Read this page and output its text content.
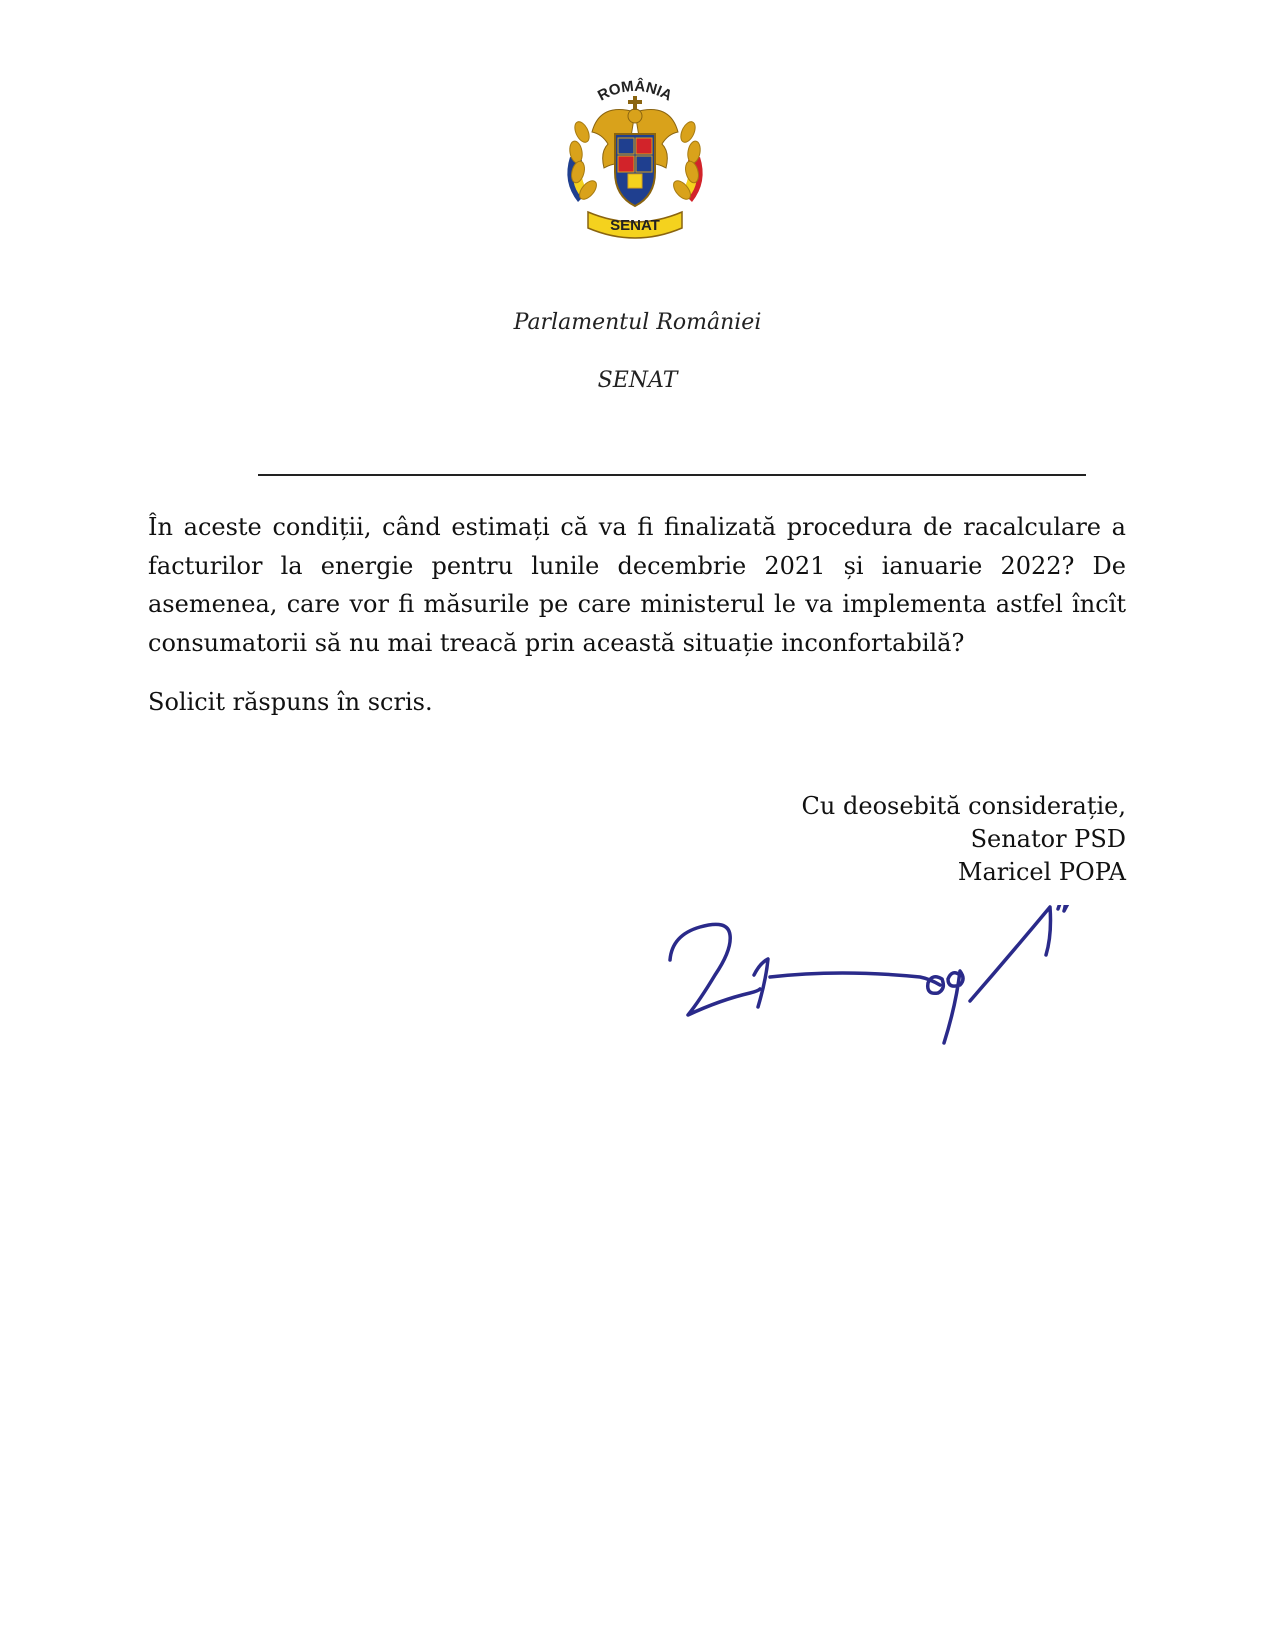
ROMÂNIA
SENAT
Parlamentul României
SENAT
În aceste condiții, când estimați că va fi finalizată procedura de racalculare a facturilor la energie pentru lunile decembrie 2021 și ianuarie 2022? De asemenea, care vor fi măsurile pe care ministerul le va implementa astfel încît consumatorii să nu mai treacă prin această situație inconfortabilă?
Solicit răspuns în scris.
Cu deosebită considerație,
Senator PSD
Maricel POPA
